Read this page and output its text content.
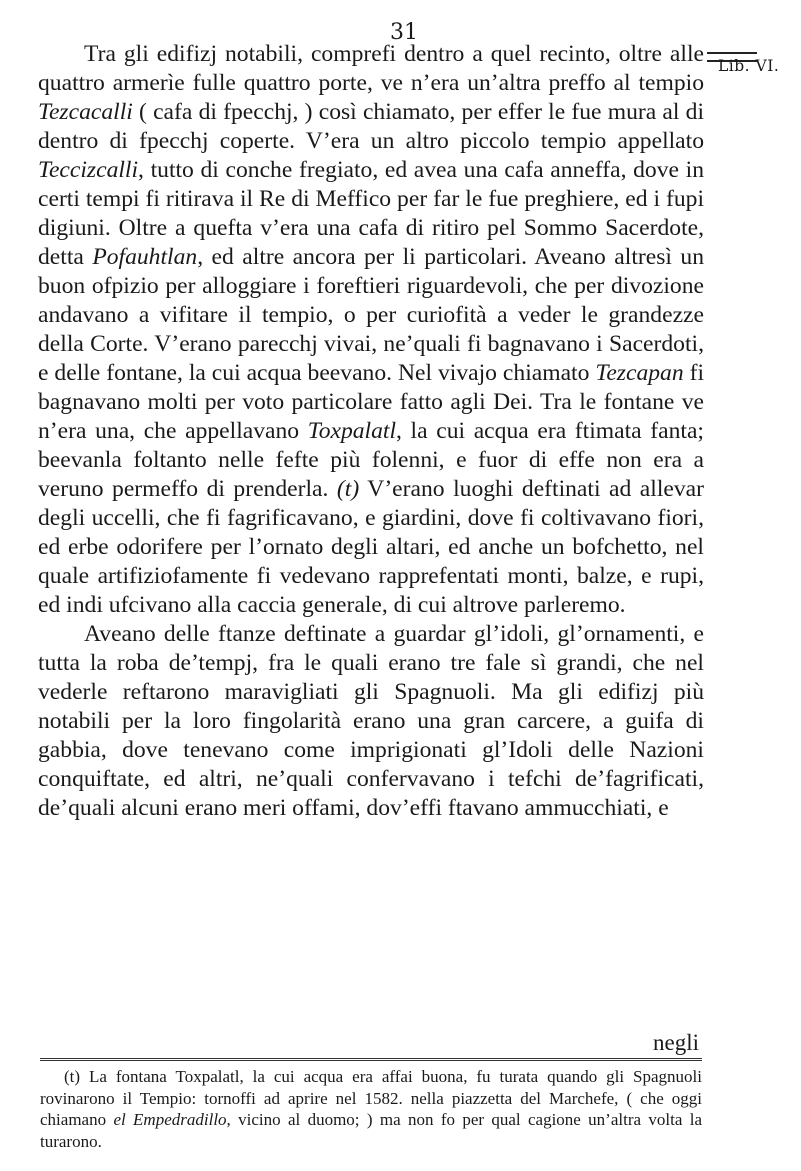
31
Lib. VI.

Tra gli edifizj notabili, comprefi dentro a quel recinto, oltre alle quattro armerìe fulle quattro porte, ve n’era un’altra preffo al tempio Tezcacalli ( cafa di fpecchj, ) così chiamato, per effer le fue mura al di dentro di fpecchj coperte. V’era un altro piccolo tempio appellato Teccizcalli, tutto di conche fregiato, ed avea una cafa anneffa, dove in certi tempi fi ritirava il Re di Meffico per far le fue preghiere, ed i fupi digiuni. Oltre a quefta v’era una cafa di ritiro pel Sommo Sacerdote, detta Pofauhtlan, ed altre ancora per li particolari. Aveano altresì un buon ofpizio per alloggiare i foreftieri riguardevoli, che per divozione andavano a vifitare il tempio, o per curiofità a veder le grandezze della Corte. V’erano parecchj vivai, ne’quali fi bagnavano i Sacerdoti, e delle fontane, la cui acqua beevano. Nel vivajo chiamato Tezcapan fi bagnavano molti per voto particolare fatto agli Dei. Tra le fontane ve n’era una, che appellavano Toxpalatl, la cui acqua era ftimata fanta; beevanla foltanto nelle fefte più folenni, e fuor di effe non era a veruno permeffo di prenderla. (t) V’erano luoghi deftinati ad allevar degli uccelli, che fi fagrificavano, e giardini, dove fi coltivavano fiori, ed erbe odorifere per l’ornato degli altari, ed anche un bofchetto, nel quale artifiziofamente fi vedevano rapprefentati monti, balze, e rupi, ed indi ufcivano alla caccia generale, di cui altrove parleremo.

Aveano delle ftanze deftinate a guardar gl’idoli, gl’ornamenti, e tutta la roba de’tempj, fra le quali erano tre fale sì grandi, che nel vederle reftarono maravigliati gli Spagnuoli. Ma gli edifizj più notabili per la loro fingolarità erano una gran carcere, a guifa di gabbia, dove tenevano come imprigionati gl’Idoli delle Nazioni conquiftate, ed altri, ne’quali confervavano i tefchi de’fagrificati, de’quali alcuni erano meri offami, dov’effi ftavano ammucchiati, e

negli

(t) La fontana Toxpalatl, la cui acqua era affai buona, fu turata quando gli Spagnuoli rovinarono il Tempio: tornoffi ad aprire nel 1582. nella piazzetta del Marchefe, ( che oggi chiamano el Empedradillo, vicino al duomo; ) ma non fo per qual cagione un’altra volta la turarono.
